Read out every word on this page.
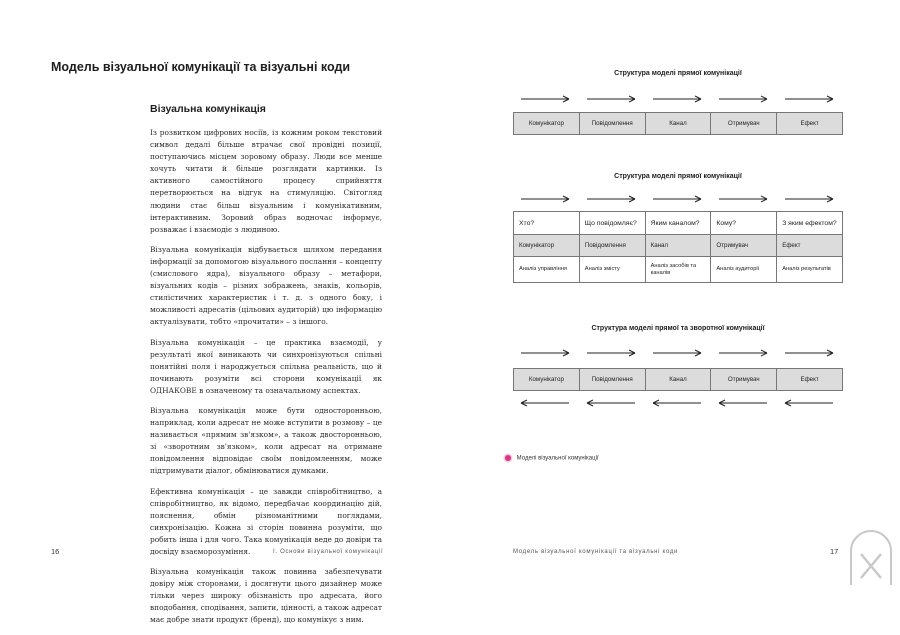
Модель візуальної комунікації та візуальні коди
Візуальна комунікація

Із розвитком цифрових носіїв, із кожним роком текстовий символ дедалі більше втрачає свої провідні позиції, поступаючись місцем зоровому образу. Люди все менше хочуть читати й більше розглядати картинки. Із активного самостійного процесу сприйняття перетворюється на відгук на стимуляцію. Світогляд людини стає більш візуальним і комунікативним, інтерактивним. Зоровий образ водночас інформує, розважає і взаємодіє з людиною.

Візуальна комунікація відбувається шляхом передання інформації за допомогою візуального послання – концепту (смислового ядра), візуального образу – метафори, візуальних кодів – різних зображень, знаків, кольорів, стилістичних характеристик і т. д. з одного боку, і можливості адресатів (цільових аудиторій) цю інформацію актуалізувати, тобто «прочитати» – з іншого.

Візуальна комунікація – це практика взаємодії, у результаті якої виникають чи синхронізуються спільні понятійні поля і народжується спільна реальність, що й починають розуміти всі сторони комунікації як ОДНАКОВЕ в означеному та означальному аспектах.

Візуальна комунікація може бути односторонньою, наприклад, коли адресат не може вступити в розмову – це називається «прямим зв'язком», а також двосторонньою, зі «зворотним зв'язком», коли адресат на отримане повідомлення відповідає своїм повідомленням, може підтримувати діалог, обмінюватися думками.

Ефективна комунікація – це завжди співробітництво, а співробітництво, як відомо, передбачає координацію дій, пояснення, обмін різноманітними поглядами, синхронізацію. Кожна зі сторін повинна розуміти, що робить інша і для чого. Така комунікація веде до довіри та досвіду взаєморозуміння.

Візуальна комунікація також повинна забезпечувати довіру між сторонами, і досягнути цього дизайнер може тільки через широку обізнаність про адресата, його вподобання, сподівання, запити, цінності, а також адресат має добре знати продукт (бренд), що комунікує з ним.

16	І. Основи візуальної комунікації
Структура моделі прямої комунікації
Комунікатор	Повідомлення	Канал	Отримувач	Ефект
Структура моделі прямої комунікації
Хто?	Що повідомляє?	Яким каналом?	Кому?	З яким ефектом?
Комунікатор	Повідомлення	Канал	Отримувач	Ефект
Аналіз управління	Аналіз змісту	Аналіз засобів та каналів	Аналіз аудиторії	Аналіз результатів
Структура моделі прямої та зворотної комунікації
Комунікатор	Повідомлення	Канал	Отримувач	Ефект
Моделі візуальної комунікації
Модель візуальної комунікації та візуальні коди	17
